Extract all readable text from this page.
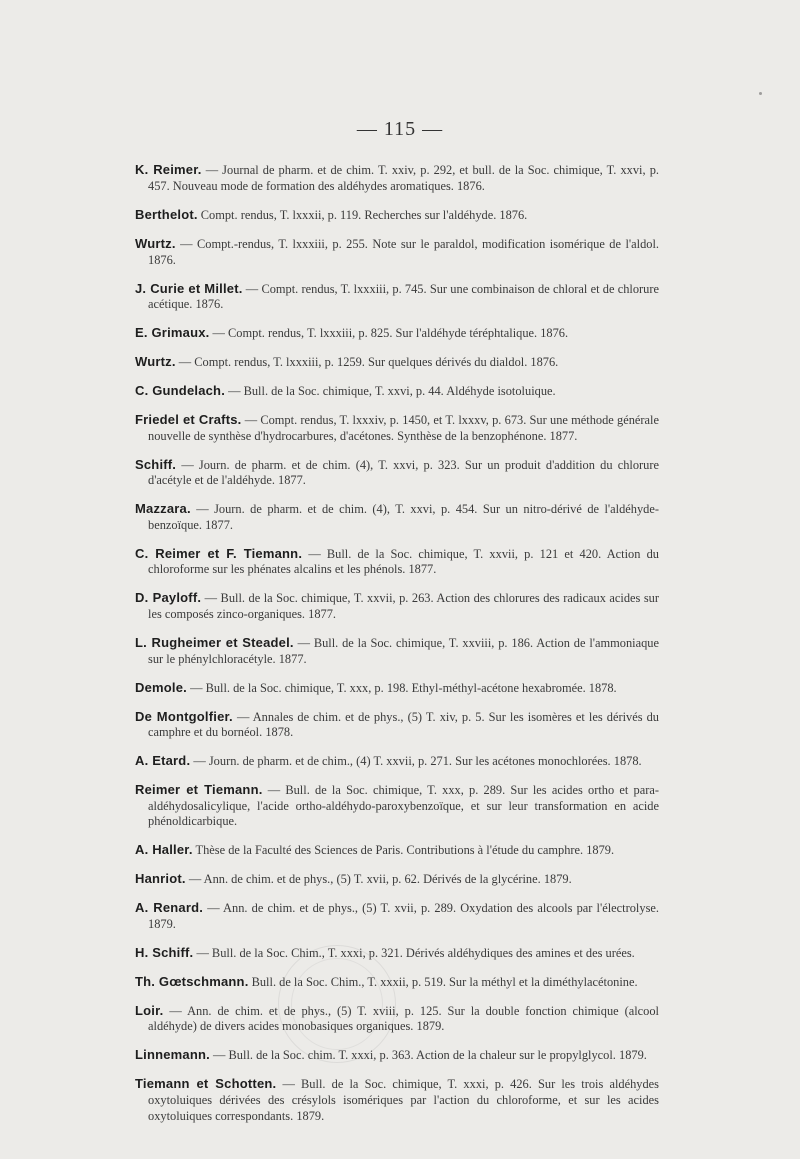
— 115 —

K. Reimer. — Journal de pharm. et de chim. T. xxiv, p. 292, et bull. de la Soc. chimique, T. xxvi, p. 457. Nouveau mode de formation des aldéhydes aromatiques. 1876.

Berthelot. Compt. rendus, T. lxxxii, p. 119. Recherches sur l'aldéhyde. 1876.

Wurtz. — Compt.-rendus, T. lxxxiii, p. 255. Note sur le paraldol, modification isomérique de l'aldol. 1876.

J. Curie et Millet. — Compt. rendus, T. lxxxiii, p. 745. Sur une combinaison de chloral et de chlorure acétique. 1876.

E. Grimaux. — Compt. rendus, T. lxxxiii, p. 825. Sur l'aldéhyde téréphtalique. 1876.

Wurtz. — Compt. rendus, T. lxxxiii, p. 1259. Sur quelques dérivés du dialdol. 1876.

C. Gundelach. — Bull. de la Soc. chimique, T. xxvi, p. 44. Aldéhyde isotoluique.

Friedel et Crafts. — Compt. rendus, T. lxxxiv, p. 1450, et T. lxxxv, p. 673. Sur une méthode générale nouvelle de synthèse d'hydrocarbures, d'acétones. Synthèse de la benzophénone. 1877.

Schiff. — Journ. de pharm. et de chim. (4), T. xxvi, p. 323. Sur un produit d'addition du chlorure d'acétyle et de l'aldéhyde. 1877.

Mazzara. — Journ. de pharm. et de chim. (4), T. xxvi, p. 454. Sur un nitro-dérivé de l'aldéhyde-benzoïque. 1877.

C. Reimer et F. Tiemann. — Bull. de la Soc. chimique, T. xxvii, p. 121 et 420. Action du chloroforme sur les phénates alcalins et les phénols. 1877.

D. Payloff. — Bull. de la Soc. chimique, T. xxvii, p. 263. Action des chlorures des radicaux acides sur les composés zinco-organiques. 1877.

L. Rugheimer et Steadel. — Bull. de la Soc. chimique, T. xxviii, p. 186. Action de l'ammoniaque sur le phénylchloracétyle. 1877.

Demole. — Bull. de la Soc. chimique, T. xxx, p. 198. Ethyl-méthyl-acétone hexabromée. 1878.

De Montgolfier. — Annales de chim. et de phys., (5) T. xiv, p. 5. Sur les isomères et les dérivés du camphre et du bornéol. 1878.

A. Etard. — Journ. de pharm. et de chim., (4) T. xxvii, p. 271. Sur les acétones monochlorées. 1878.

Reimer et Tiemann. — Bull. de la Soc. chimique, T. xxx, p. 289. Sur les acides ortho et para-aldéhydosalicylique, l'acide ortho-aldéhydo-paroxybenzoïque, et sur leur transformation en acide phénoldicarbique.

A. Haller. Thèse de la Faculté des Sciences de Paris. Contributions à l'étude du camphre. 1879.

Hanriot. — Ann. de chim. et de phys., (5) T. xvii, p. 62. Dérivés de la glycérine. 1879.

A. Renard. — Ann. de chim. et de phys., (5) T. xvii, p. 289. Oxydation des alcools par l'électrolyse. 1879.

H. Schiff. — Bull. de la Soc. Chim., T. xxxi, p. 321. Dérivés aldéhydiques des amines et des urées.

Th. Gœtschmann. Bull. de la Soc. Chim., T. xxxii, p. 519. Sur la méthyl et la diméthylacétonine.

Loir. — Ann. de chim. et de phys., (5) T. xviii, p. 125. Sur la double fonction chimique (alcool aldéhyde) de divers acides monobasiques organiques. 1879.

Linnemann. — Bull. de la Soc. chim. T. xxxi, p. 363. Action de la chaleur sur le propylglycol. 1879.

Tiemann et Schotten. — Bull. de la Soc. chimique, T. xxxi, p. 426. Sur les trois aldéhydes oxytoluiques dérivées des crésylols isomériques par l'action du chloroforme, et sur les acides oxytoluiques correspondants. 1879.
